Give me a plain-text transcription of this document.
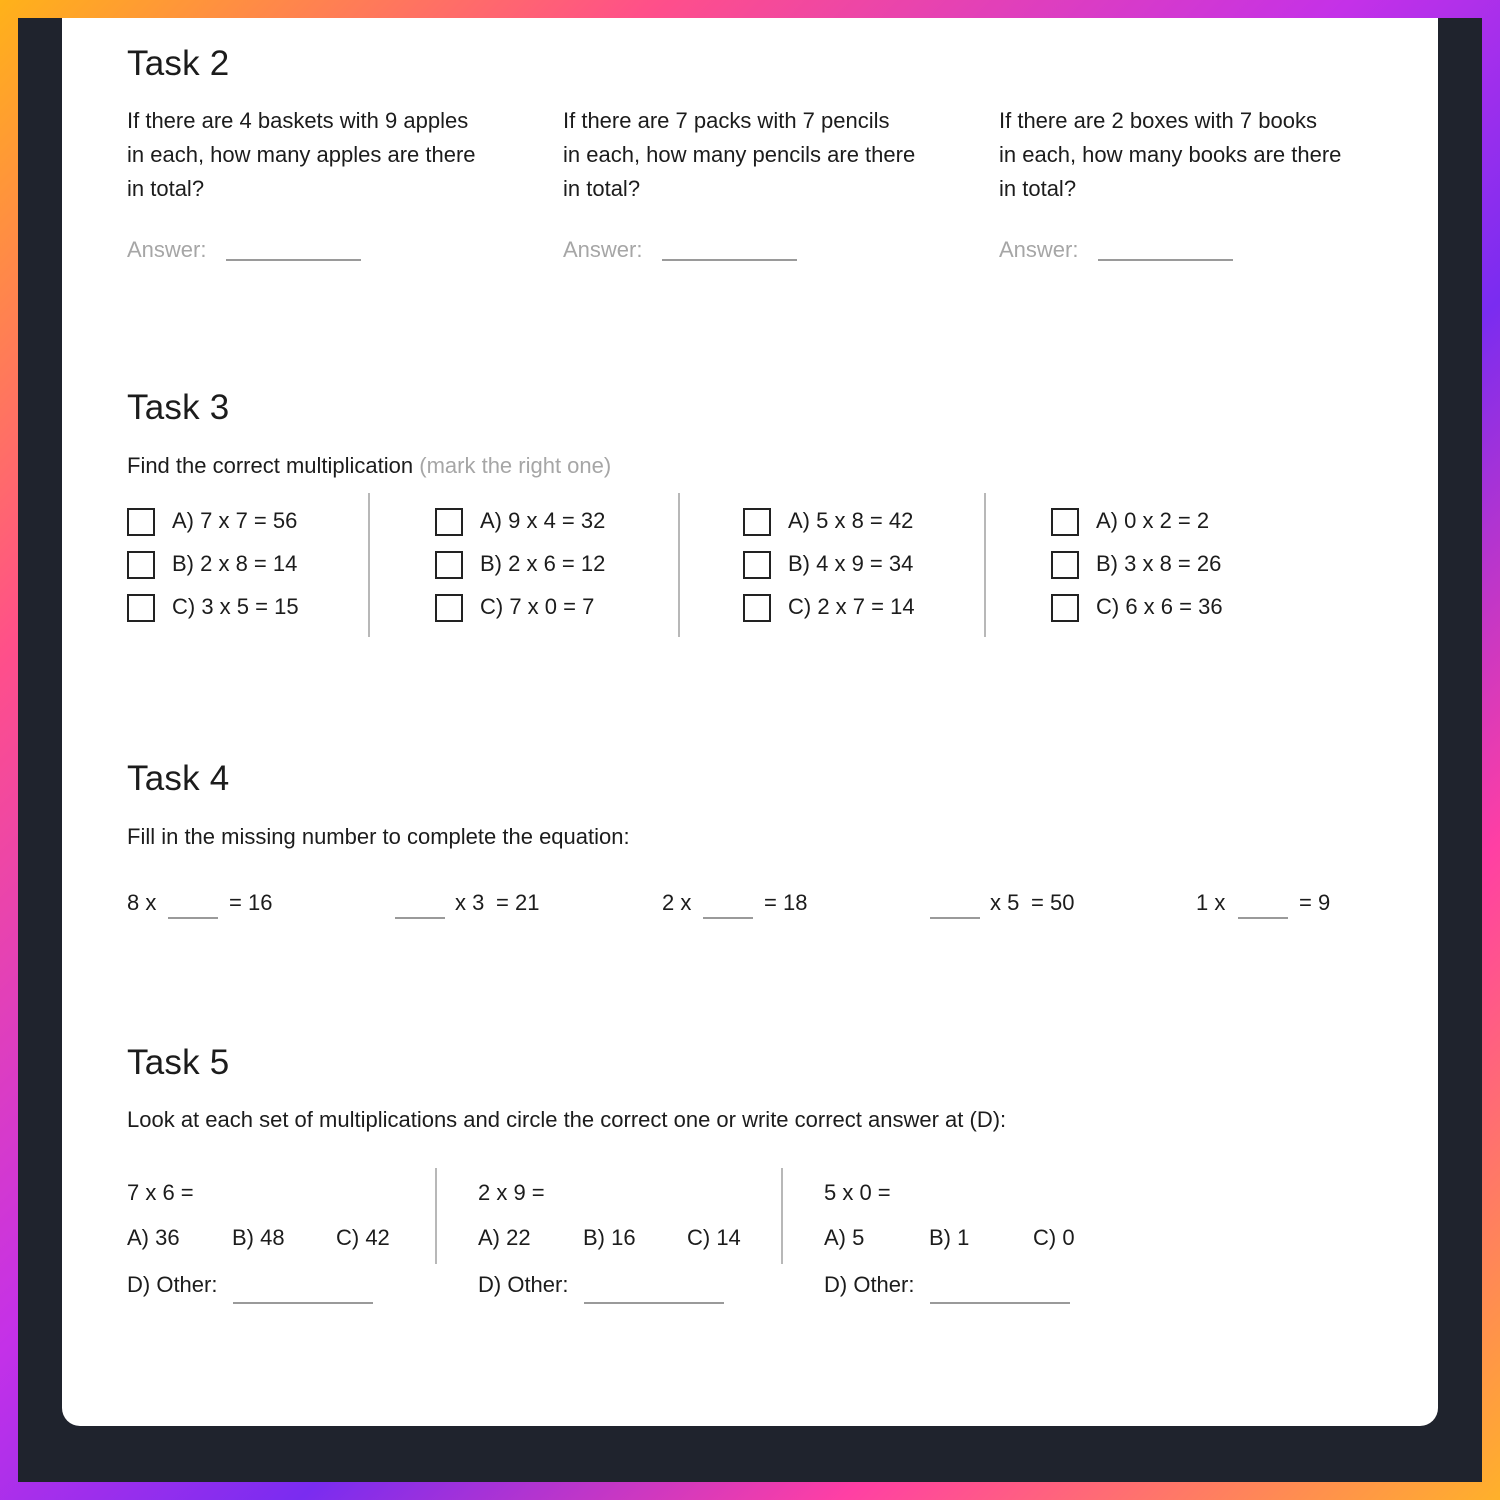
Task 2
If there are 4 baskets with 9 apples
in each, how many apples are there
in total?
If there are 7 packs with 7 pencils
in each, how many pencils are there
in total?
If there are 2 boxes with 7 books
in each, how many books are there
in total?
Answer:	Answer:	Answer:
Task 3
Find the correct multiplication (mark the right one)
A) 7 x 7 = 56
B) 2 x 8 = 14
C) 3 x 5 = 15
A) 9 x 4 = 32
B) 2 x 6 = 12
C) 7 x 0 = 7
A) 5 x 8 = 42
B) 4 x 9 = 34
C) 2 x 7 = 14
A) 0 x 2 = 2
B) 3 x 8 = 26
C) 6 x 6 = 36
Task 4
Fill in the missing number to complete the equation:
8 x	= 16	x 3 = 21	2 x	= 18	x 5 = 50	1 x	= 9
Task 5
Look at each set of multiplications and circle the correct one or write correct answer at (D):
7 x 6 =
A) 36 B) 48 C) 42
D) Other:
2 x 9 =
A) 22 B) 16 C) 14
D) Other:
5 x 0 =
A) 5	B) 1	C) 0
D) Other:
